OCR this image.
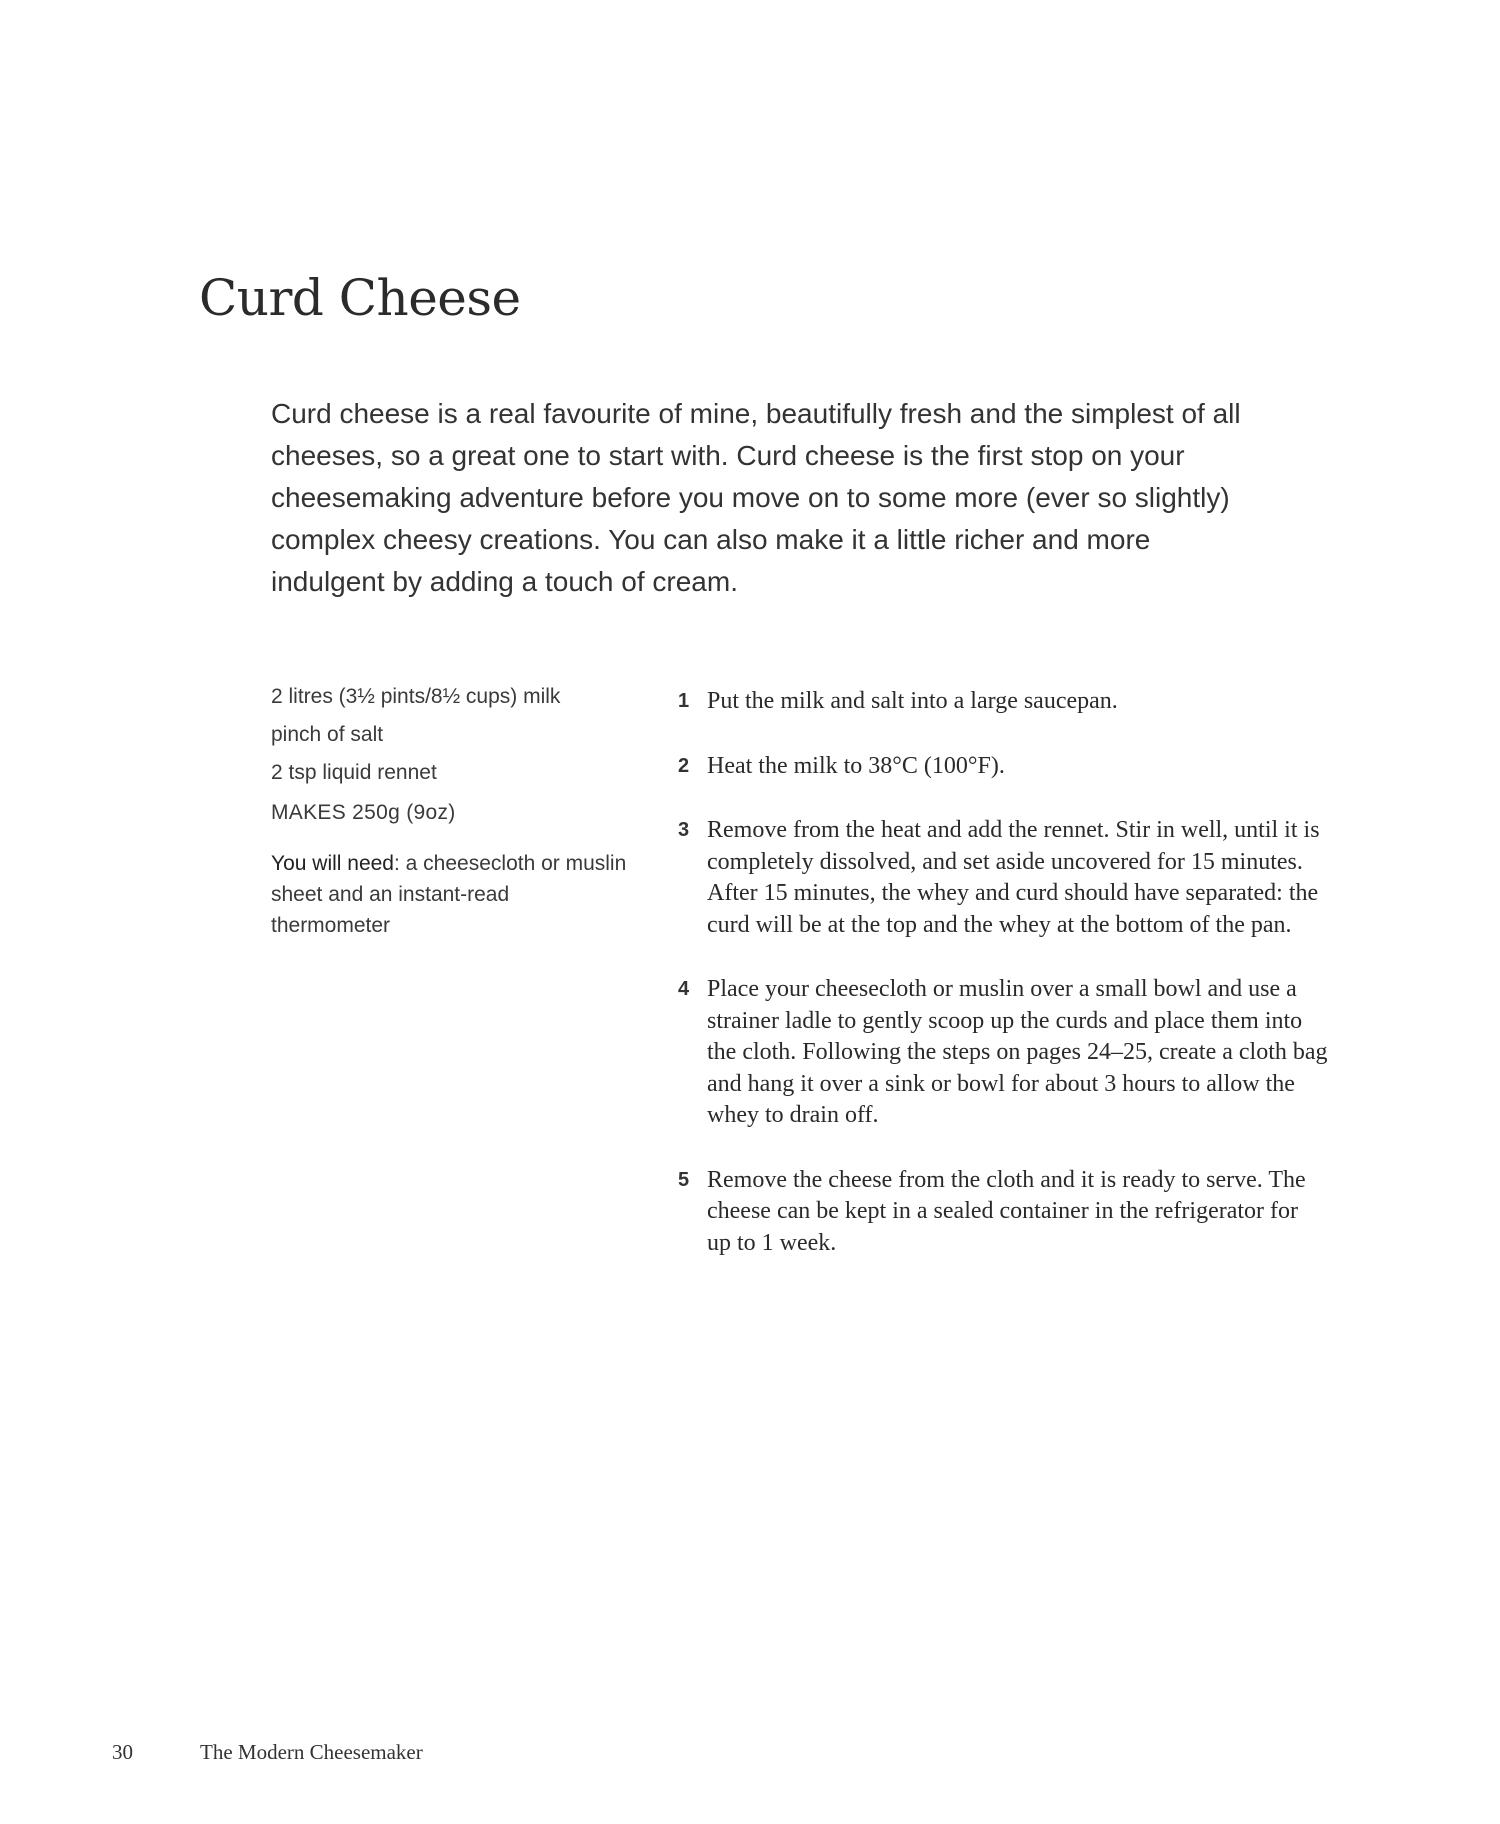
Curd Cheese

Curd cheese is a real favourite of mine, beautifully fresh and the simplest of all cheeses, so a great one to start with. Curd cheese is the first stop on your cheesemaking adventure before you move on to some more (ever so slightly) complex cheesy creations. You can also make it a little richer and more indulgent by adding a touch of cream.

2 litres (3½ pints/8½ cups) milk

pinch of salt

2 tsp liquid rennet

MAKES 250g (9oz)

You will need: a cheesecloth or muslin sheet and an instant-read thermometer

1 Put the milk and salt into a large saucepan.
2 Heat the milk to 38°C (100°F).
3 Remove from the heat and add the rennet. Stir in well, until it is completely dissolved, and set aside uncovered for 15 minutes. After 15 minutes, the whey and curd should have separated: the curd will be at the top and the whey at the bottom of the pan.
4 Place your cheesecloth or muslin over a small bowl and use a strainer ladle to gently scoop up the curds and place them into the cloth. Following the steps on pages 24–25, create a cloth bag and hang it over a sink or bowl for about 3 hours to allow the whey to drain off.
5 Remove the cheese from the cloth and it is ready to serve. The cheese can be kept in a sealed container in the refrigerator for up to 1 week.
30	The Modern Cheesemaker
